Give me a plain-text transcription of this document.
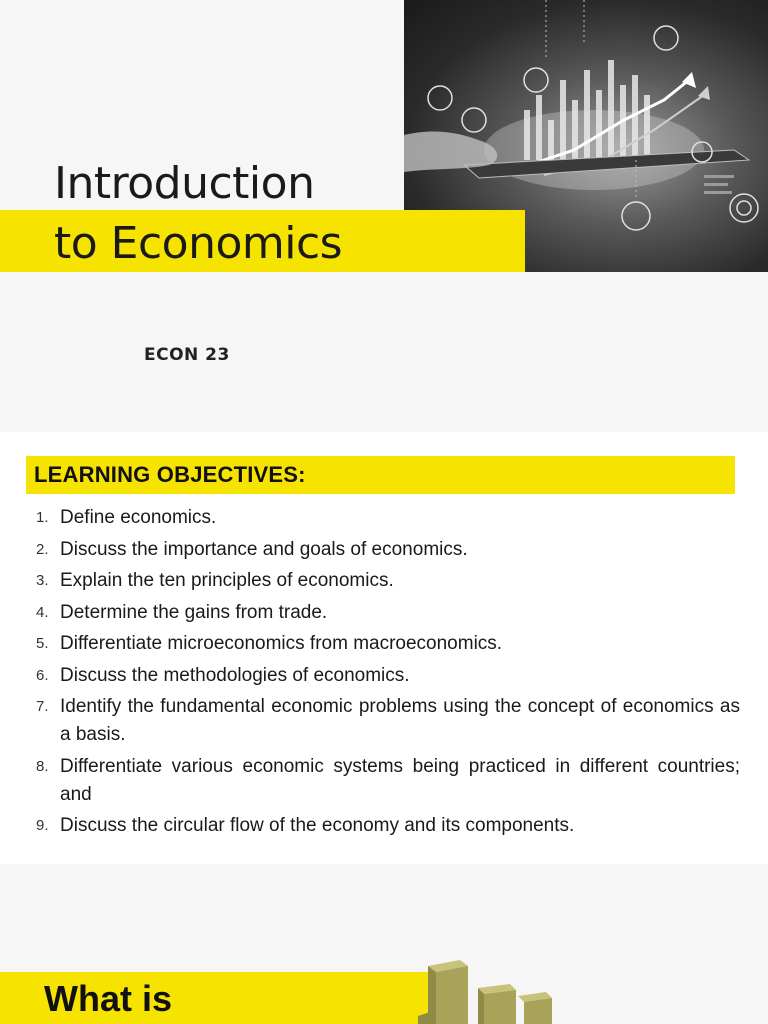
Introduction
to Economics
ECON 23
LEARNING OBJECTIVES:
1. Define economics.
2. Discuss the importance and goals of economics.
3. Explain the ten principles of economics.
4. Determine the gains from trade.
5. Differentiate microeconomics from macroeconomics.
6. Discuss the methodologies of economics.
7. Identify the fundamental economic problems using the concept of economics as a basis.
8. Differentiate various economic systems being practiced in different countries; and
9. Discuss the circular flow of the economy and its components.
What is
